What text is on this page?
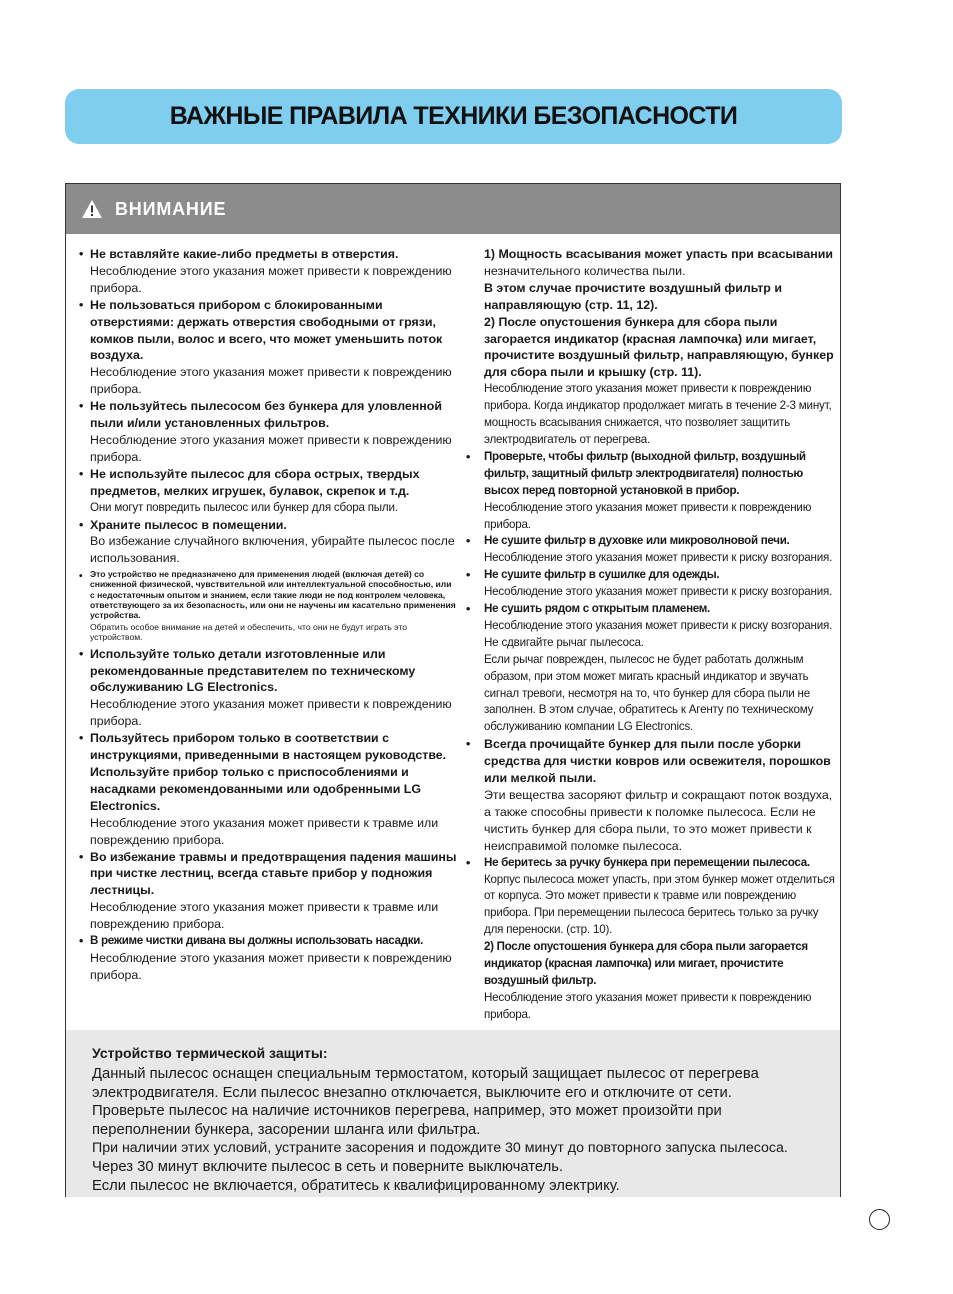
ВАЖНЫЕ ПРАВИЛА ТЕХНИКИ БЕЗОПАСНОСТИ
ВНИМАНИЕ
• Не вставляйте какие-либо предметы в отверстия.
Несоблюдение этого указания может привести к повреждению прибора.
• Не пользоваться прибором с блокированными отверстиями: держать отверстия свободными от грязи, комков пыли, волос и всего, что может уменьшить поток воздуха.
Несоблюдение этого указания может привести к повреждению прибора.
• Не пользуйтесь пылесосом без бункера для уловленной пыли и/или установленных фильтров.
Несоблюдение этого указания может привести к повреждению прибора.
• Не используйте пылесос для сбора острых, твердых предметов, мелких игрушек, булавок, скрепок и т.д.
Они могут повредить пылесос или бункер для сбора пыли.
• Храните пылесос в помещении.
Во избежание случайного включения, убирайте пылесос после использования.
• Это устройство не предназначено для применения людей (включая детей) со сниженной физической, чувствительной или интеллектуальной способностью, или с недостаточным опытом и знанием, если такие люди не под контролем человека, ответствующего за их безопасность, или они не научены им касательно применения устройства.
Обратить особое внимание на детей и обеспечить, что они не будут играть это устройством.
• Используйте только детали изготовленные или рекомендованные представителем по техническому обслуживанию LG Electronics.
Несоблюдение этого указания может привести к повреждению прибора.
• Пользуйтесь прибором только в соответствии с инструкциями, приведенными в настоящем руководстве. Используйте прибор только с приспособлениями и насадками рекомендованными или одобренными LG Electronics.
Несоблюдение этого указания может привести к травме или повреждению прибора.
• Во избежание травмы и предотвращения падения машины при чистке лестниц, всегда ставьте прибор у подножия лестницы.
Несоблюдение этого указания может привести к травме или повреждению прибора.
• В режиме чистки дивана вы должны использовать насадки.
Несоблюдение этого указания может привести к повреждению прибора.
1) Мощность всасывания может упасть при всасывании незначительного количества пыли.
В этом случае прочистите воздушный фильтр и направляющую (стр. 11, 12).
2) После опустошения бункера для сбора пыли загорается индикатор (красная лампочка) или мигает, прочистите воздушный фильтр, направляющую, бункер для сбора пыли и крышку (стр. 11).
Несоблюдение этого указания может привести к повреждению прибора. Когда индикатор продолжает мигать в течение 2-3 минут, мощность всасывания снижается, что позволяет защитить электродвигатель от перегрева.
• Проверьте, чтобы фильтр (выходной фильтр, воздушный фильтр, защитный фильтр электродвигателя) полностью высох перед повторной установкой в прибор.
Несоблюдение этого указания может привести к повреждению прибора.
• Не сушите фильтр в духовке или микроволновой печи.
Несоблюдение этого указания может привести к риску возгорания.
• Не сушите фильтр в сушилке для одежды.
Несоблюдение этого указания может привести к риску возгорания.
• Не сушить рядом с открытым пламенем.
Несоблюдение этого указания может привести к риску возгорания.
Не сдвигайте рычаг пылесоса.
Если рычаг поврежден, пылесос не будет работать должным образом, при этом может мигать красный индикатор и звучать сигнал тревоги, несмотря на то, что бункер для сбора пыли не заполнен. В этом случае, обратитесь к Агенту по техническому обслуживанию компании LG Electronics.
• Всегда прочищайте бункер для пыли после уборки средства для чистки ковров или освежителя, порошков или мелкой пыли.
Эти вещества засоряют фильтр и сокращают поток воздуха, а также способны привести к поломке пылесоса. Если не чистить бункер для сбора пыли, то это может привести к неисправимой поломке пылесоса.
• Не беритесь за ручку бункера при перемещении пылесоса.
Корпус пылесоса может упасть, при этом бункер может отделиться от корпуса. Это может привести к травме или повреждению прибора. При перемещении пылесоса беритесь только за ручку для переноски. (стр. 10).
2) После опустошения бункера для сбора пыли загорается индикатор (красная лампочка) или мигает, прочистите воздушный фильтр.
Несоблюдение этого указания может привести к повреждению прибора.
Устройство термической защиты:
Данный пылесос оснащен специальным термостатом, который защищает пылесос от перегрева
электродвигателя. Если пылесос внезапно отключается, выключите его и отключите от сети.
Проверьте пылесос на наличие источников перегрева, например, это может произойти при
переполнении бункера, засорении шланга или фильтра.
При наличии этих условий, устраните засорения и подождите 30 минут до повторного запуска пылесоса.
Через 30 минут включите пылесос в сеть и поверните выключатель.
Если пылесос не включается, обратитесь к квалифицированному электрику.
